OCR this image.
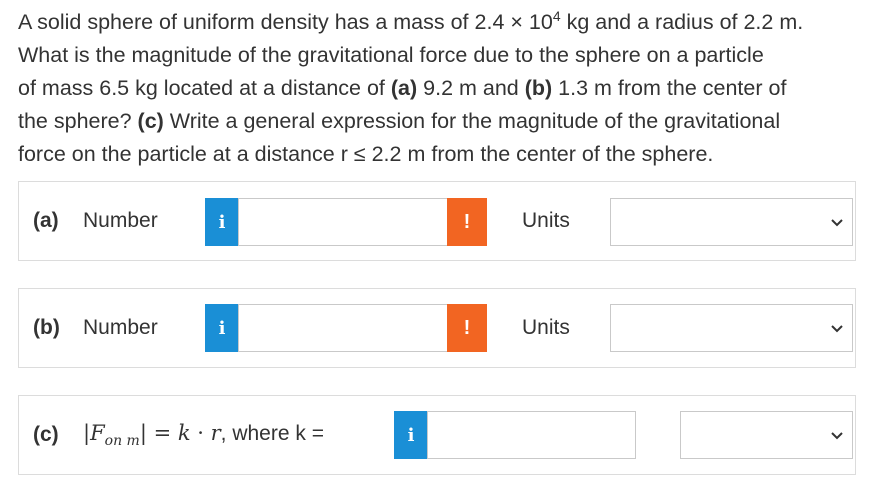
A solid sphere of uniform density has a mass of $2.4 \times 10^4$ kg and a radius of 2.2 m.
What is the magnitude of the gravitational force due to the sphere on a particle
of mass 6.5 kg located at a distance of (a) 9.2 m and (b) 1.3 m from the center of
the sphere? (c) Write a general expression for the magnitude of the gravitational
force on the particle at a distance r ≤ 2.2 m from the center of the sphere.
(a) Number	i	!	Units
(b) Number	i	!	Units
(c) $|F_{on m}| = k \cdot r$, where k =	i
